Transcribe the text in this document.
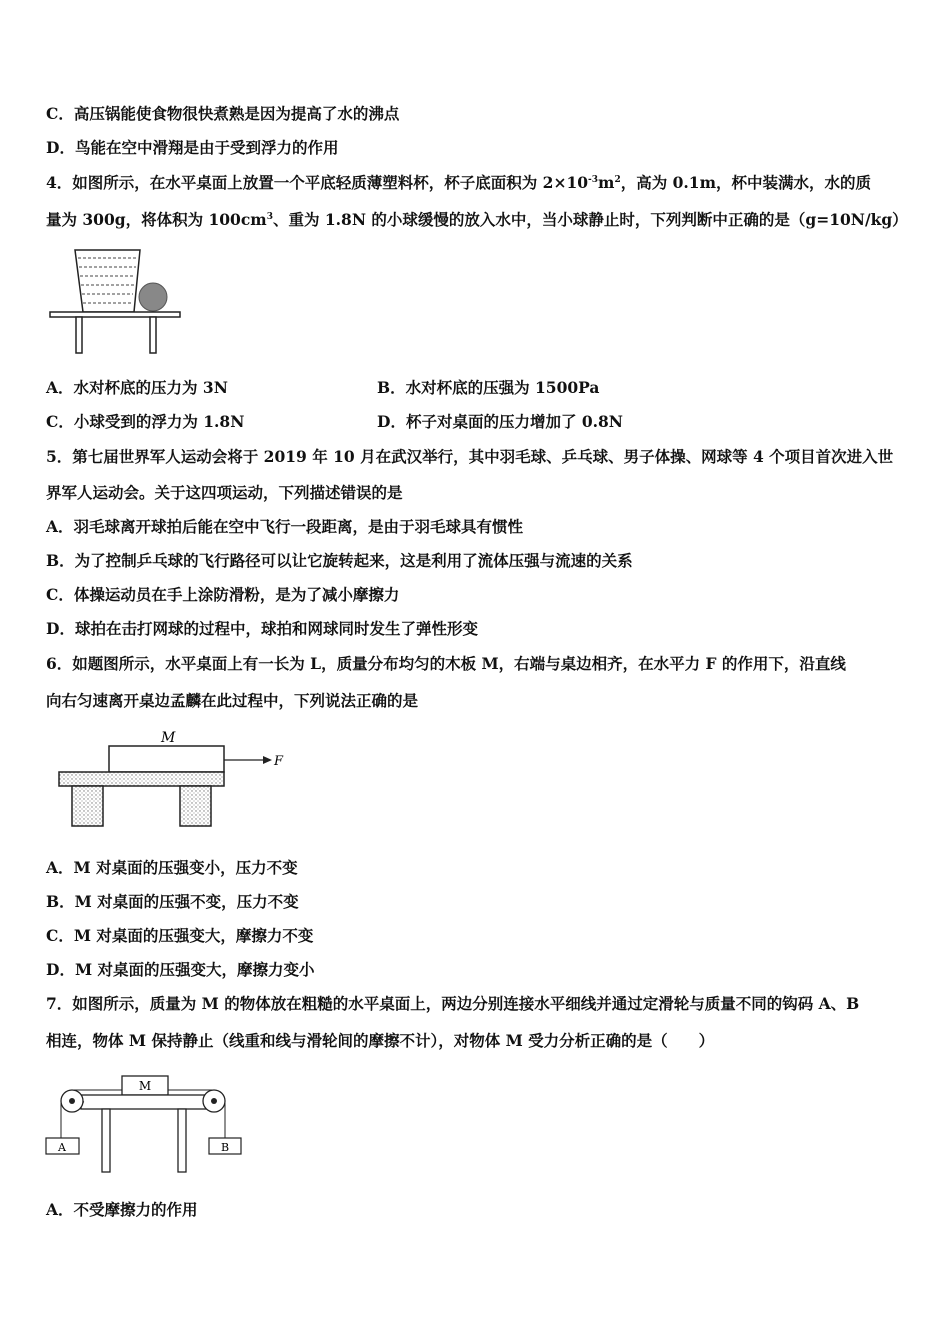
C．高压锅能使食物很快煮熟是因为提高了水的沸点
D．鸟能在空中滑翔是由于受到浮力的作用
4．如图所示，在水平桌面上放置一个平底轻质薄塑料杯，杯子底面积为 $2\times 10^{-3}m^2$，高为 0.1m，杯中装满水，水的质
量为 300g，将体积为 $100cm^3$、重为 1.8N 的小球缓慢的放入水中，当小球静止时，下列判断中正确的是（g=10N/kg）
A．水对杯底的压力为 3N	B．水对杯底的压强为 1500Pa
C．小球受到的浮力为 1.8N	D．杯子对桌面的压力增加了 0.8N
5．第七届世界军人运动会将于 2019 年 10 月在武汉举行，其中羽毛球、乒乓球、男子体操、网球等 4 个项目首次进入世
界军人运动会。关于这四项运动，下列描述错误的是
A．羽毛球离开球拍后能在空中飞行一段距离，是由于羽毛球具有惯性
B．为了控制乒乓球的飞行路径可以让它旋转起来，这是利用了流体压强与流速的关系
C．体操运动员在手上涂防滑粉，是为了减小摩擦力
D．球拍在击打网球的过程中，球拍和网球同时发生了弹性形变
6．如题图所示，水平桌面上有一长为 L，质量分布均匀的木板 M，右端与桌边相齐，在水平力 F 的作用下，沿直线
向右匀速离开桌边孟麟在此过程中，下列说法正确的是
M
F
A．M 对桌面的压强变小，压力不变
B．M 对桌面的压强不变，压力不变
C．M 对桌面的压强变大，摩擦力不变
D．M 对桌面的压强变大，摩擦力变小
7．如图所示，质量为 M 的物体放在粗糙的水平桌面上，两边分别连接水平细线并通过定滑轮与质量不同的钩码 A、B
相连，物体 M 保持静止（线重和线与滑轮间的摩擦不计），对物体 M 受力分析正确的是（　　）
M
A	B
A．不受摩擦力的作用
